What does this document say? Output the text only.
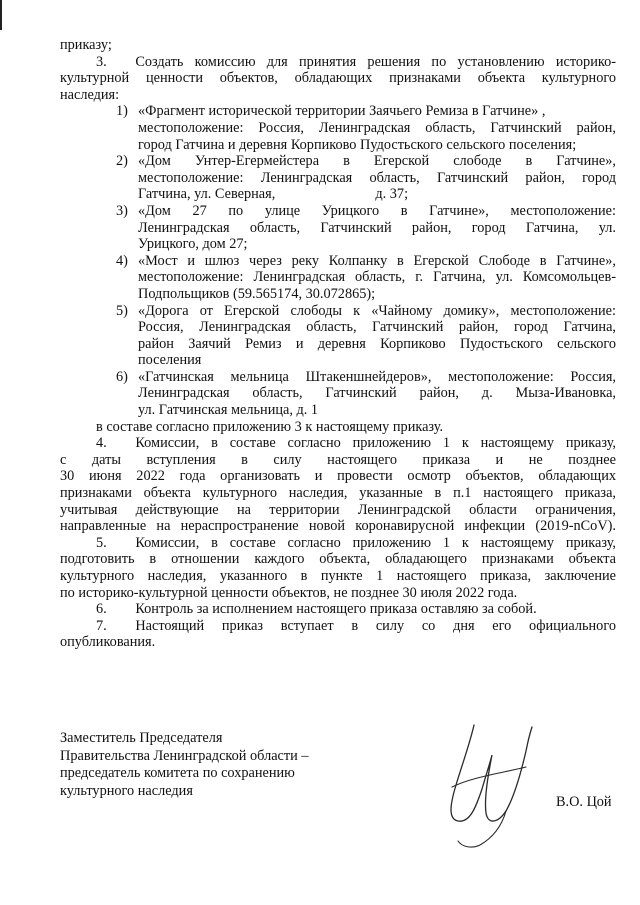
приказу;
3.  Создать комиссию для принятия решения по установлению историко-
культурной ценности объектов, обладающих признаками объекта культурного
наследия:
1) «Фрагмент исторической территории Заячьего Ремиза в Гатчине» ,
местоположение: Россия, Ленинградская область, Гатчинский район,
город Гатчина и деревня Корпиково Пудостьского сельского поселения;
2) «Дом Унтер-Егермейстера в Егерской слободе в Гатчине»,
местоположение: Ленинградская область, Гатчинский район, город
Гатчина, ул. Северная,       д. 37;
3) «Дом 27 по улице Урицкого в Гатчине», местоположение:
Ленинградская область, Гатчинский район, город Гатчина, ул.
Урицкого, дом 27;
4) «Мост и шлюз через реку Колпанку в Егерской Слободе в Гатчине»,
местоположение: Ленинградская область, г. Гатчина, ул. Комсомольцев-
Подпольщиков (59.565174, 30.072865);
5) «Дорога от Егерской слободы к «Чайному домику», местоположение:
Россия, Ленинградская область, Гатчинский район, город Гатчина,
район Заячий Ремиз и деревня Корпиково Пудостьского сельского
поселения
6) «Гатчинская мельница Штакеншнейдеров», местоположение: Россия,
Ленинградская область, Гатчинский район, д. Мыза-Ивановка,
ул. Гатчинская мельница, д. 1
в составе согласно приложению 3 к настоящему приказу.
4.  Комиссии, в составе согласно приложению 1 к настоящему приказу,
с даты вступления в силу настоящего приказа и не позднее
30 июня 2022 года организовать и провести осмотр объектов, обладающих
признаками объекта культурного наследия, указанные в п.1 настоящего приказа,
учитывая действующие на территории Ленинградской области ограничения,
направленные на нераспространение новой коронавирусной инфекции (2019-nCoV).
5.  Комиссии, в составе согласно приложению 1 к настоящему приказу,
подготовить в отношении каждого объекта, обладающего признаками объекта
культурного наследия, указанного в пункте 1 настоящего приказа, заключение
по историко-культурной ценности объектов, не позднее 30 июля 2022 года.
6.  Контроль за исполнением настоящего приказа оставляю за собой.
7.  Настоящий приказ вступает в силу со дня его официального
опубликования.
Заместитель Председателя
Правительства Ленинградской области –
председатель комитета по сохранению
культурного наследия
В.О. Цой
